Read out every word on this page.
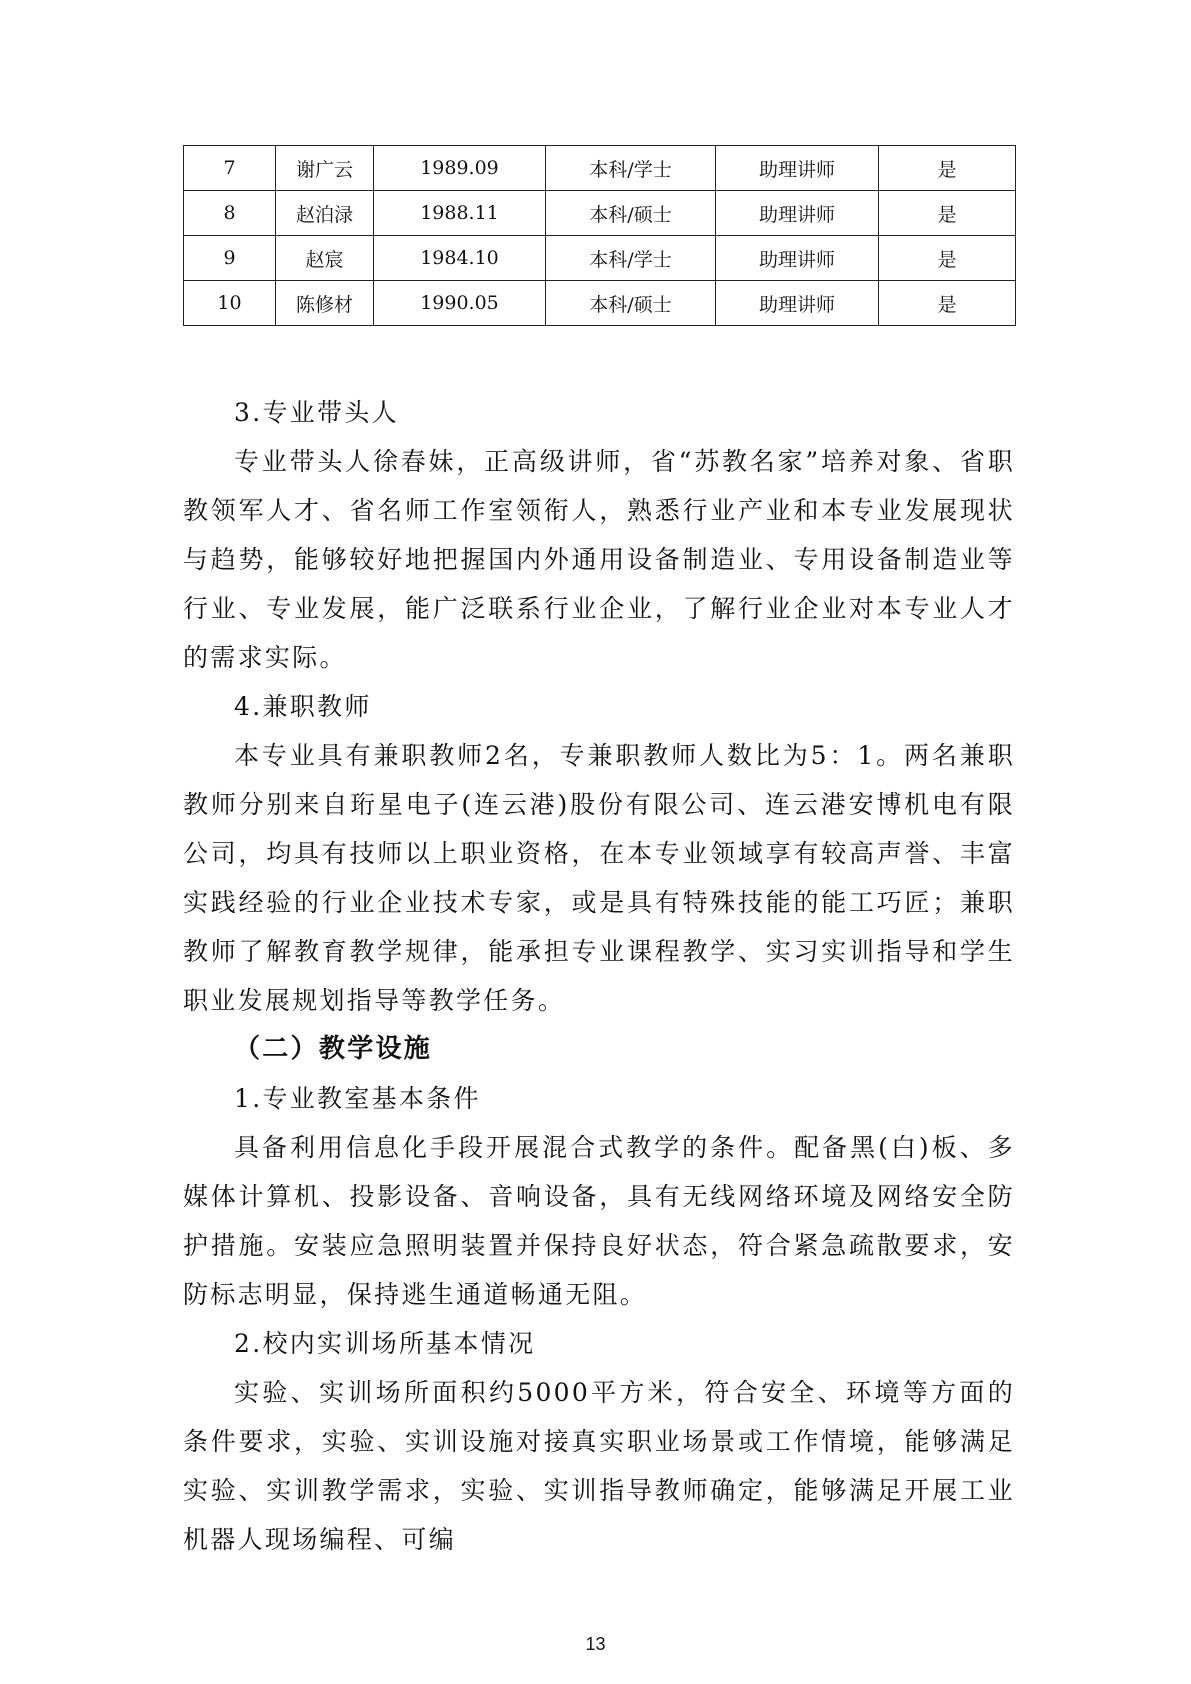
7	谢广云	1989.09	本科/学士	助理讲师	是
8	赵泊渌	1988.11	本科/硕士	助理讲师	是
9	赵宸	1984.10	本科/学士	助理讲师	是
10	陈修材	1990.05	本科/硕士	助理讲师	是

3.专业带头人

专业带头人徐春妹，正高级讲师，省“苏教名家”培养对象、省职教领军人才、省名师工作室领衔人，熟悉行业产业和本专业发展现状与趋势，能够较好地把握国内外通用设备制造业、专用设备制造业等行业、专业发展，能广泛联系行业企业，了解行业企业对本专业人才的需求实际。

4.兼职教师

本专业具有兼职教师2名，专兼职教师人数比为5：1。两名兼职教师分别来自珩星电子(连云港)股份有限公司、连云港安博机电有限公司，均具有技师以上职业资格，在本专业领域享有较高声誉、丰富实践经验的行业企业技术专家，或是具有特殊技能的能工巧匠；兼职教师了解教育教学规律，能承担专业课程教学、实习实训指导和学生职业发展规划指导等教学任务。

（二）教学设施

1.专业教室基本条件

具备利用信息化手段开展混合式教学的条件。配备黑(白)板、多媒体计算机、投影设备、音响设备，具有无线网络环境及网络安全防护措施。安装应急照明装置并保持良好状态，符合紧急疏散要求，安防标志明显，保持逃生通道畅通无阻。

2.校内实训场所基本情况

实验、实训场所面积约5000平方米，符合安全、环境等方面的条件要求，实验、实训设施对接真实职业场景或工作情境，能够满足实验、实训教学需求，实验、实训指导教师确定，能够满足开展工业机器人现场编程、可编

13
